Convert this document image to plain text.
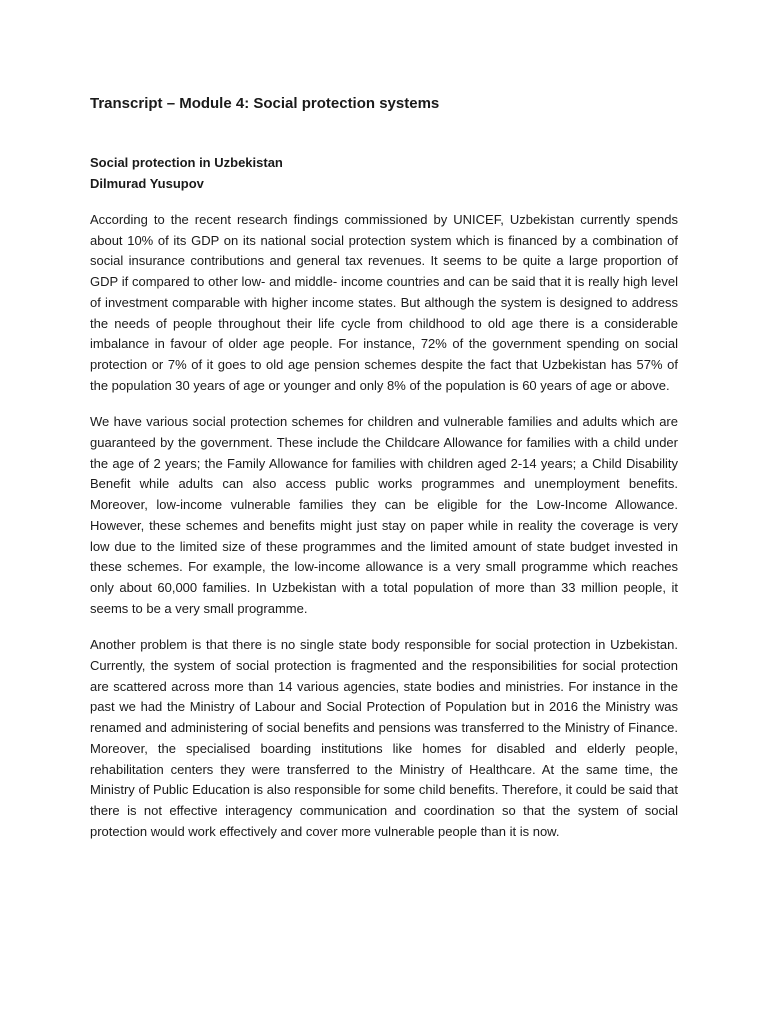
Transcript – Module 4: Social protection systems

Social protection in Uzbekistan

Dilmurad Yusupov

According to the recent research findings commissioned by UNICEF, Uzbekistan currently spends about 10% of its GDP on its national social protection system which is financed by a combination of social insurance contributions and general tax revenues. It seems to be quite a large proportion of GDP if compared to other low- and middle- income countries and can be said that it is really high level of investment comparable with higher income states. But although the system is designed to address the needs of people throughout their life cycle from childhood to old age there is a considerable imbalance in favour of older age people. For instance, 72% of the government spending on social protection or 7% of it goes to old age pension schemes despite the fact that Uzbekistan has 57% of the population 30 years of age or younger and only 8% of the population is 60 years of age or above.

We have various social protection schemes for children and vulnerable families and adults which are guaranteed by the government. These include the Childcare Allowance for families with a child under the age of 2 years; the Family Allowance for families with children aged 2-14 years; a Child Disability Benefit while adults can also access public works programmes and unemployment benefits. Moreover, low-income vulnerable families they can be eligible for the Low-Income Allowance. However, these schemes and benefits might just stay on paper while in reality the coverage is very low due to the limited size of these programmes and the limited amount of state budget invested in these schemes. For example, the low-income allowance is a very small programme which reaches only about 60,000 families. In Uzbekistan with a total population of more than 33 million people, it seems to be a very small programme.

Another problem is that there is no single state body responsible for social protection in Uzbekistan. Currently, the system of social protection is fragmented and the responsibilities for social protection are scattered across more than 14 various agencies, state bodies and ministries. For instance in the past we had the Ministry of Labour and Social Protection of Population but in 2016 the Ministry was renamed and administering of social benefits and pensions was transferred to the Ministry of Finance. Moreover, the specialised boarding institutions like homes for disabled and elderly people, rehabilitation centers they were transferred to the Ministry of Healthcare. At the same time, the Ministry of Public Education is also responsible for some child benefits. Therefore, it could be said that there is not effective interagency communication and coordination so that the system of social protection would work effectively and cover more vulnerable people than it is now.
